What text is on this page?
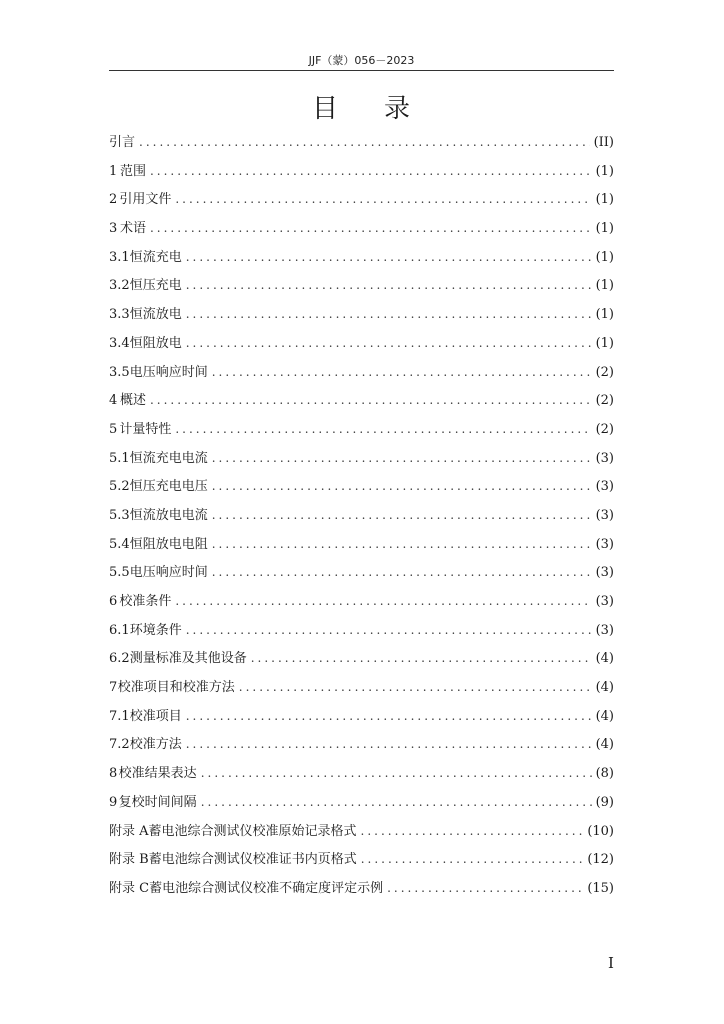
JJF（蒙）056－2023
目 录
引言 .....	(II)
1 范围 .....	(1)
2 引用文件 .....	(1)
3 术语 .....	(1)
3.1 恒流充电 .....	(1)
3.2 恒压充电 .....	(1)
3.3 恒流放电 .....	(1)
3.4 恒阻放电 .....	(1)
3.5 电压响应时间 .....	(2)
4 概述 .....	(2)
5 计量特性 .....	(2)
5.1 恒流充电电流 .....	(3)
5.2 恒压充电电压 .....	(3)
5.3 恒流放电电流 .....	(3)
5.4 恒阻放电电阻 .....	(3)
5.5 电压响应时间 .....	(3)
6 校准条件 .....	(3)
6.1 环境条件 .....	(3)
6.2 测量标准及其他设备 .....	(4)
7 校准项目和校准方法 .....	(4)
7.1 校准项目 .....	(4)
7.2 校准方法 .....	(4)
8 校准结果表达 .....	(8)
9 复校时间间隔 .....	(9)
附录 A 蓄电池综合测试仪校准原始记录格式 .....	(10)
附录 B 蓄电池综合测试仪校准证书内页格式 .....	(12)
附录 C 蓄电池综合测试仪校准不确定度评定示例 .....	(15)
I
